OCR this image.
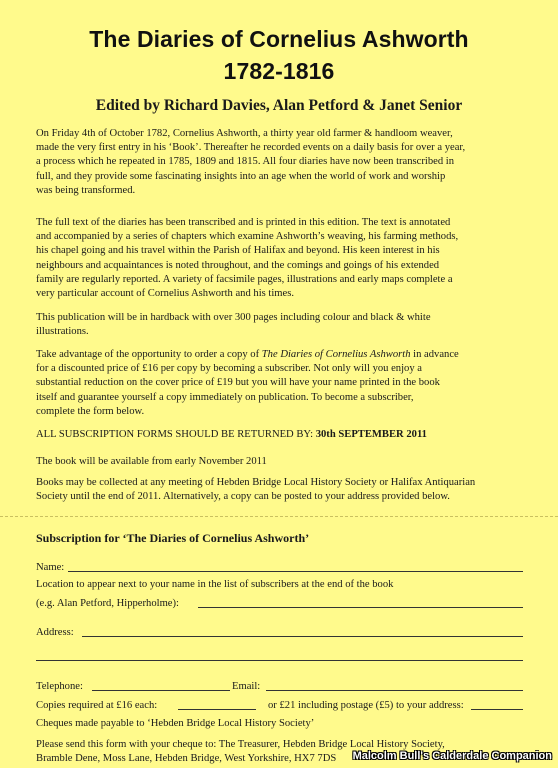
The Diaries of Cornelius Ashworth
1782-1816
Edited by Richard Davies, Alan Petford & Janet Senior
On Friday 4th of October 1782, Cornelius Ashworth, a thirty year old farmer & handloom weaver,
made the very first entry in his ‘Book’. Thereafter he recorded events on a daily basis for over a year,
a process which he repeated in 1785, 1809 and 1815. All four diaries have now been transcribed in
full, and they provide some fascinating insights into an age when the world of work and worship
was being transformed.
The full text of the diaries has been transcribed and is printed in this edition. The text is annotated
and accompanied by a series of chapters which examine Ashworth’s weaving, his farming methods,
his chapel going and his travel within the Parish of Halifax and beyond. His keen interest in his
neighbours and acquaintances is noted throughout, and the comings and goings of his extended
family are regularly reported. A variety of facsimile pages, illustrations and early maps complete a
very particular account of Cornelius Ashworth and his times.
This publication will be in hardback with over 300 pages including colour and black & white
illustrations.
Take advantage of the opportunity to order a copy of The Diaries of Cornelius Ashworth in advance
for a discounted price of £16 per copy by becoming a subscriber. Not only will you enjoy a
substantial reduction on the cover price of £19 but you will have your name printed in the book
itself and guarantee yourself a copy immediately on publication. To become a subscriber,
complete the form below.
ALL SUBSCRIPTION FORMS SHOULD BE RETURNED BY: 30th SEPTEMBER 2011
The book will be available from early November 2011
Books may be collected at any meeting of Hebden Bridge Local History Society or Halifax Antiquarian
Society until the end of 2011. Alternatively, a copy can be posted to your address provided below.
Subscription for ‘The Diaries of Cornelius Ashworth’
Name:
Location to appear next to your name in the list of subscribers at the end of the book
(e.g. Alan Petford, Hipperholme):
Address:
Telephone:	Email:
Copies required at £16 each:	or £21 including postage (£5) to your address:
Cheques made payable to ‘Hebden Bridge Local History Society’
Please send this form with your cheque to: The Treasurer, Hebden Bridge Local History Society,
Bramble Dene, Moss Lane, Hebden Bridge, West Yorkshire, HX7 7DS Malcolm Bull's Calderdale Companion
